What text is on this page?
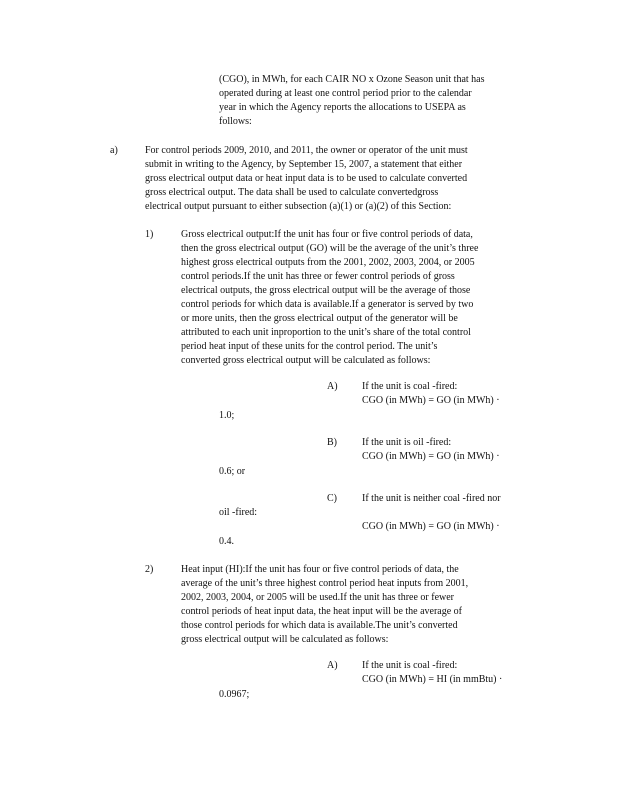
(CGO), in MWh, for each CAIR NO x Ozone Season unit that has
operated during at least one control period prior to the calendar
year in which the Agency reports the allocations to USEPA as
follows:
a)	For control periods 2009, 2010, and 2011, the owner or operator of the unit must
submit in writing to the Agency, by September 15, 2007, a statement that either
gross electrical output data or heat input data is to be used to calculate converted
gross electrical output. The data shall be used to calculate convertedgross
electrical output pursuant to either subsection (a)(1) or (a)(2) of this Section:
1)	Gross electrical output:If the unit has four or five control periods of data,
then the gross electrical output (GO) will be the average of the unit’s three
highest gross electrical outputs from the 2001, 2002, 2003, 2004, or 2005
control periods.If the unit has three or fewer control periods of gross
electrical outputs, the gross electrical output will be the average of those
control periods for which data is available.If a generator is served by two
or more units, then the gross electrical output of the generator will be
attributed to each unit inproportion to the unit’s share of the total control
period heat input of these units for the control period. The unit’s
converted gross electrical output will be calculated as follows:
A) If the unit is coal -fired:
CGO (in MWh) = GO (in MWh) ·
1.0;
B)	If the unit is oil -fired:
CGO (in MWh) = GO (in MWh) ·
0.6; or
C)	If the unit is neither coal -fired nor
oil -fired:
CGO (in MWh) = GO (in MWh) ·
0.4.
2)	Heat input (HI):If the unit has four or five control periods of data, the
average of the unit’s three highest control period heat inputs from 2001,
2002, 2003, 2004, or 2005 will be used.If the unit has three or fewer
control periods of heat input data, the heat input will be the average of
those control periods for which data is available.The unit’s converted
gross electrical output will be calculated as follows:
A) If the unit is coal -fired:
CGO (in MWh) = HI (in mmBtu) ·
0.0967;
